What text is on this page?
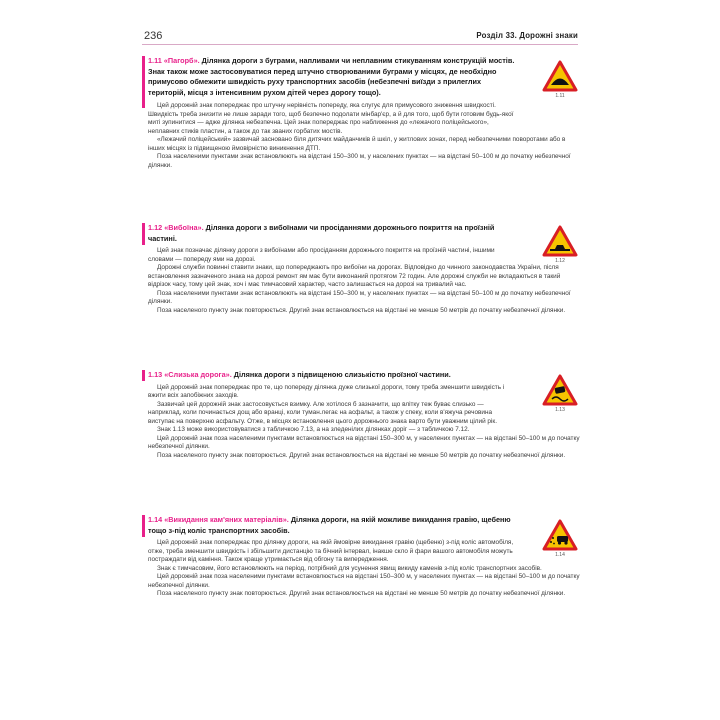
236	Розділ 33. Дорожні знаки
1.11 «Пагорб». Ділянка дороги з буграми, напливами чи неплавним стикуванням конструкцій мостів. Знак також може застосовуватися перед штучно створюваними буграми у місцях, де необхідно примусово обмежити швидкість руху транспортних засобів (небезпечні виїзди з прилеглих територій, місця з інтенсивним рухом дітей через дорогу тощо).	1.11

Цей дорожній знак попереджає про штучну нерівність попереду, яка слугує для примусового зниження швидкості. Швидкість треба знизити не лише заради того, щоб безпечно подолати мінбар'єр, а й для того, щоб бути готовим будь-якої миті зупинитися — адже ділянка небезпечна. Цей знак попереджає про наближення до «лежачого поліцейського», неплавних стиків пластин, а також до так званих горбатих мостів.

«Лежачий поліцейський» зазвичай засновано біля дитячих майданчиків й шкіл, у житлових зонах, перед небезпечними поворотами або в інших місцях із підвищеною ймовірністю виникнення ДТП.

Поза населеними пунктами знак встановлюють на відстані 150–300 м, у населених пунктах — на відстані 50–100 м до початку небезпечної ділянки.

1.12 «Вибоїна». Ділянка дороги з вибоїнами чи просіданнями дорожнього покриття на проїзній частині.
1.12

Цей знак позначає ділянку дороги з вибоїнами або просіданням дорожнього покриття на проїзній частині, іншими словами — попереду ями на дорозі.

Дорожні служби повинні ставити знаки, що попереджають про вибоїни на дорогах. Відповідно до чинного законодавства України, після встановлення зазначеного знака на дорозі ремонт ям має бути виконаний протягом 72 годин. Але дорожні служби не вкладаються в такий відрізок часу, тому цей знак, хоч і має тимчасовий характер, часто залишається на дорозі на тривалий час.

Поза населеними пунктами знак встановлюють на відстані 150–300 м, у населених пунктах — на відстані 50–100 м до початку небезпечної ділянки.

Поза населеного пункту знак повторюється. Другий знак встановлюється на відстані не менше 50 метрів до початку небезпечної ділянки.

1.13 «Слизька дорога». Ділянка дороги з підвищеною слизькістю проїзної частини.
1.13

Цей дорожній знак попереджає про те, що попереду ділянка дуже слизької дороги, тому треба зменшити швидкість і вжити всіх запобіжних заходів.

Зазвичай цей дорожній знак застосовується взимку. Але хотілося б зазначити, що влітку теж буває слизько — наприклад, коли починається дощ або вранці, коли туман.легає на асфальт, а також у спеку, коли в'яжуча речовина виступає на поверхню асфальту. Отже, в місцях встановлення цього дорожнього знака варто бути уважним цілий рік.

Знак 1.13 може використовуватися з табличкою 7.13, а на зледенілих ділянках доріг — з табличкою 7.12.

Цей дорожній знак поза населеними пунктами встановлюється на відстані 150–300 м, у населених пунктах — на відстані 50–100 м до початку небезпечної ділянки.

Поза населеного пункту знак повторюється. Другий знак встановлюється на відстані не менше 50 метрів до початку небезпечної ділянки.

1.14 «Викидання кам'яних матеріалів». Ділянка дороги, на якій можливе викидання гравію, щебеню тощо з-під коліс транспортних засобів.
1.14

Цей дорожній знак попереджає про ділянку дороги, на якій ймовірне викидання гравію (щебеню) з-під коліс автомобіля, отже, треба зменшити швидкість і збільшити дистанцію та бічний інтервал, інакше скло й фари вашого автомобіля можуть постраждати від каміння. Також краще утримається від обгону та випередження.

Знак є тимчасовим, його встановлюють на період, потрібний для усунення явищ викиду каменів з-під коліс транспортних засобів.

Цей дорожній знак поза населеними пунктами встановлюється на відстані 150–300 м, у населених пунктах — на відстані 50–100 м до початку небезпечної ділянки.

Поза населеного пункту знак повторюється. Другий знак встановлюється на відстані не менше 50 метрів до початку небезпечної ділянки.
